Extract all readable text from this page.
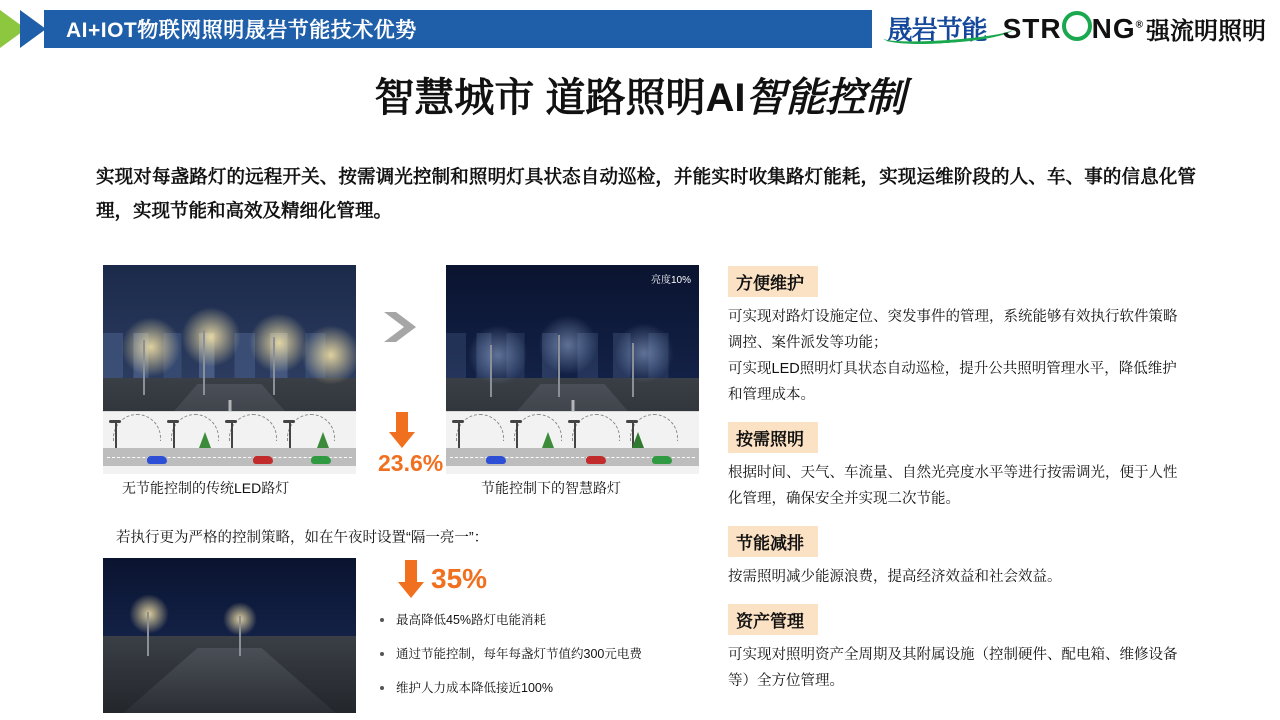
AI+IOT物联网照明晟岩节能技术优势	晟岩节能 STR NG® 强流明照明
智慧城市 道路照明AI智能控制
实现对每盏路灯的远程开关、按需调光控制和照明灯具状态自动巡检，并能实时收集路灯能耗，实现运维阶段的人、车、事的信息化管理，实现节能和高效及精细化管理。
亮度10%
23.6%
35%
无节能控制的传统LED路灯	节能控制下的智慧路灯
若执行更为严格的控制策略，如在午夜时设置“隔一亮一”：
最高降低45%路灯电能消耗
通过节能控制，每年每盏灯节值约300元电费
维护人力成本降低接近100%
方便维护

可实现对路灯设施定位、突发事件的管理，系统能够有效执行软件策略调控、案件派发等功能；

可实现LED照明灯具状态自动巡检，提升公共照明管理水平，降低维护和管理成本。

按需照明

根据时间、天气、车流量、自然光亮度水平等进行按需调光，便于人性化管理，确保安全并实现二次节能。

节能减排

按需照明减少能源浪费，提高经济效益和社会效益。

资产管理

可实现对照明资产全周期及其附属设施（控制硬件、配电箱、维修设备等）全方位管理。
